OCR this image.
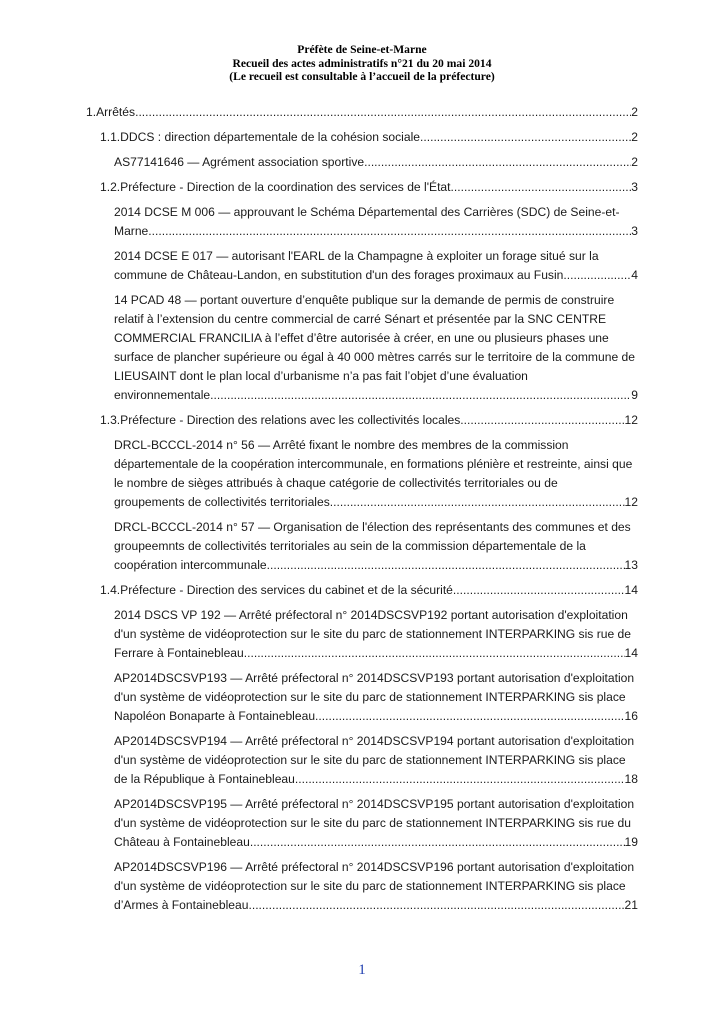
Préfète de Seine-et-Marne
Recueil des actes administratifs n°21 du 20 mai 2014
(Le recueil est consultable à l’accueil de la préfecture)
1.Arrêtés .....	2
1.1.DDCS : direction départementale de la cohésion sociale .....	2
AS77141646 — Agrément association sportive .....	2
1.2.Préfecture - Direction de la coordination des services de l'État .....	3
2014 DCSE M 006 — approuvant le Schéma Départemental des Carrières (SDC) de Seine-et-
Marne .....	3
2014 DCSE E 017 — autorisant l'EARL de la Champagne à exploiter un forage situé sur la
commune de Château-Landon, en substitution d'un des forages proximaux au Fusin .....	4
14 PCAD 48 — portant ouverture d’enquête publique sur la demande de permis de construire relatif à l’extension du centre commercial de carré Sénart et présentée par la SNC CENTRE COMMERCIAL FRANCILIA à l’effet d’être autorisée à créer, en une ou plusieurs phases une surface de plancher supérieure ou égal à 40 000 mètres carrés sur le territoire de la commune de LIEUSAINT dont le plan local d’urbanisme n’a pas fait l’objet d’une évaluation
environnementale .....	9
1.3.Préfecture - Direction des relations avec les collectivités locales .....	12
DRCL-BCCCL-2014 n° 56 — Arrêté fixant le nombre des membres de la commission départementale de la coopération intercommunale, en formations plénière et restreinte, ainsi que le nombre de sièges attribués à chaque catégorie de collectivités territoriales ou de
groupements de collectivités territoriales .....	12
DRCL-BCCCL-2014 n° 57 — Organisation de l'élection des représentants des communes et des groupeemnts de collectivités territoriales au sein de la commission départementale de la
coopération intercommunale .....	13
1.4.Préfecture - Direction des services du cabinet et de la sécurité .....	14
2014 DSCS VP 192 — Arrêté préfectoral n° 2014DSCSVP192 portant autorisation d'exploitation d'un système de vidéoprotection sur le site du parc de stationnement INTERPARKING sis rue de
Ferrare à Fontainebleau .....	14
AP2014DSCSVP193 — Arrêté préfectoral n° 2014DSCSVP193 portant autorisation d'exploitation d'un système de vidéoprotection sur le site du parc de stationnement INTERPARKING sis place
Napoléon Bonaparte à Fontainebleau .....	16
AP2014DSCSVP194 — Arrêté préfectoral n° 2014DSCSVP194 portant autorisation d'exploitation d'un système de vidéoprotection sur le site du parc de stationnement INTERPARKING sis place
de la République à Fontainebleau .....	18
AP2014DSCSVP195 — Arrêté préfectoral n° 2014DSCSVP195 portant autorisation d'exploitation d'un système de vidéoprotection sur le site du parc de stationnement INTERPARKING sis rue du
Château à Fontainebleau .....	19
AP2014DSCSVP196 — Arrêté préfectoral n° 2014DSCSVP196 portant autorisation d'exploitation d'un système de vidéoprotection sur le site du parc de stationnement INTERPARKING sis place
d’Armes à Fontainebleau .....	21
1
